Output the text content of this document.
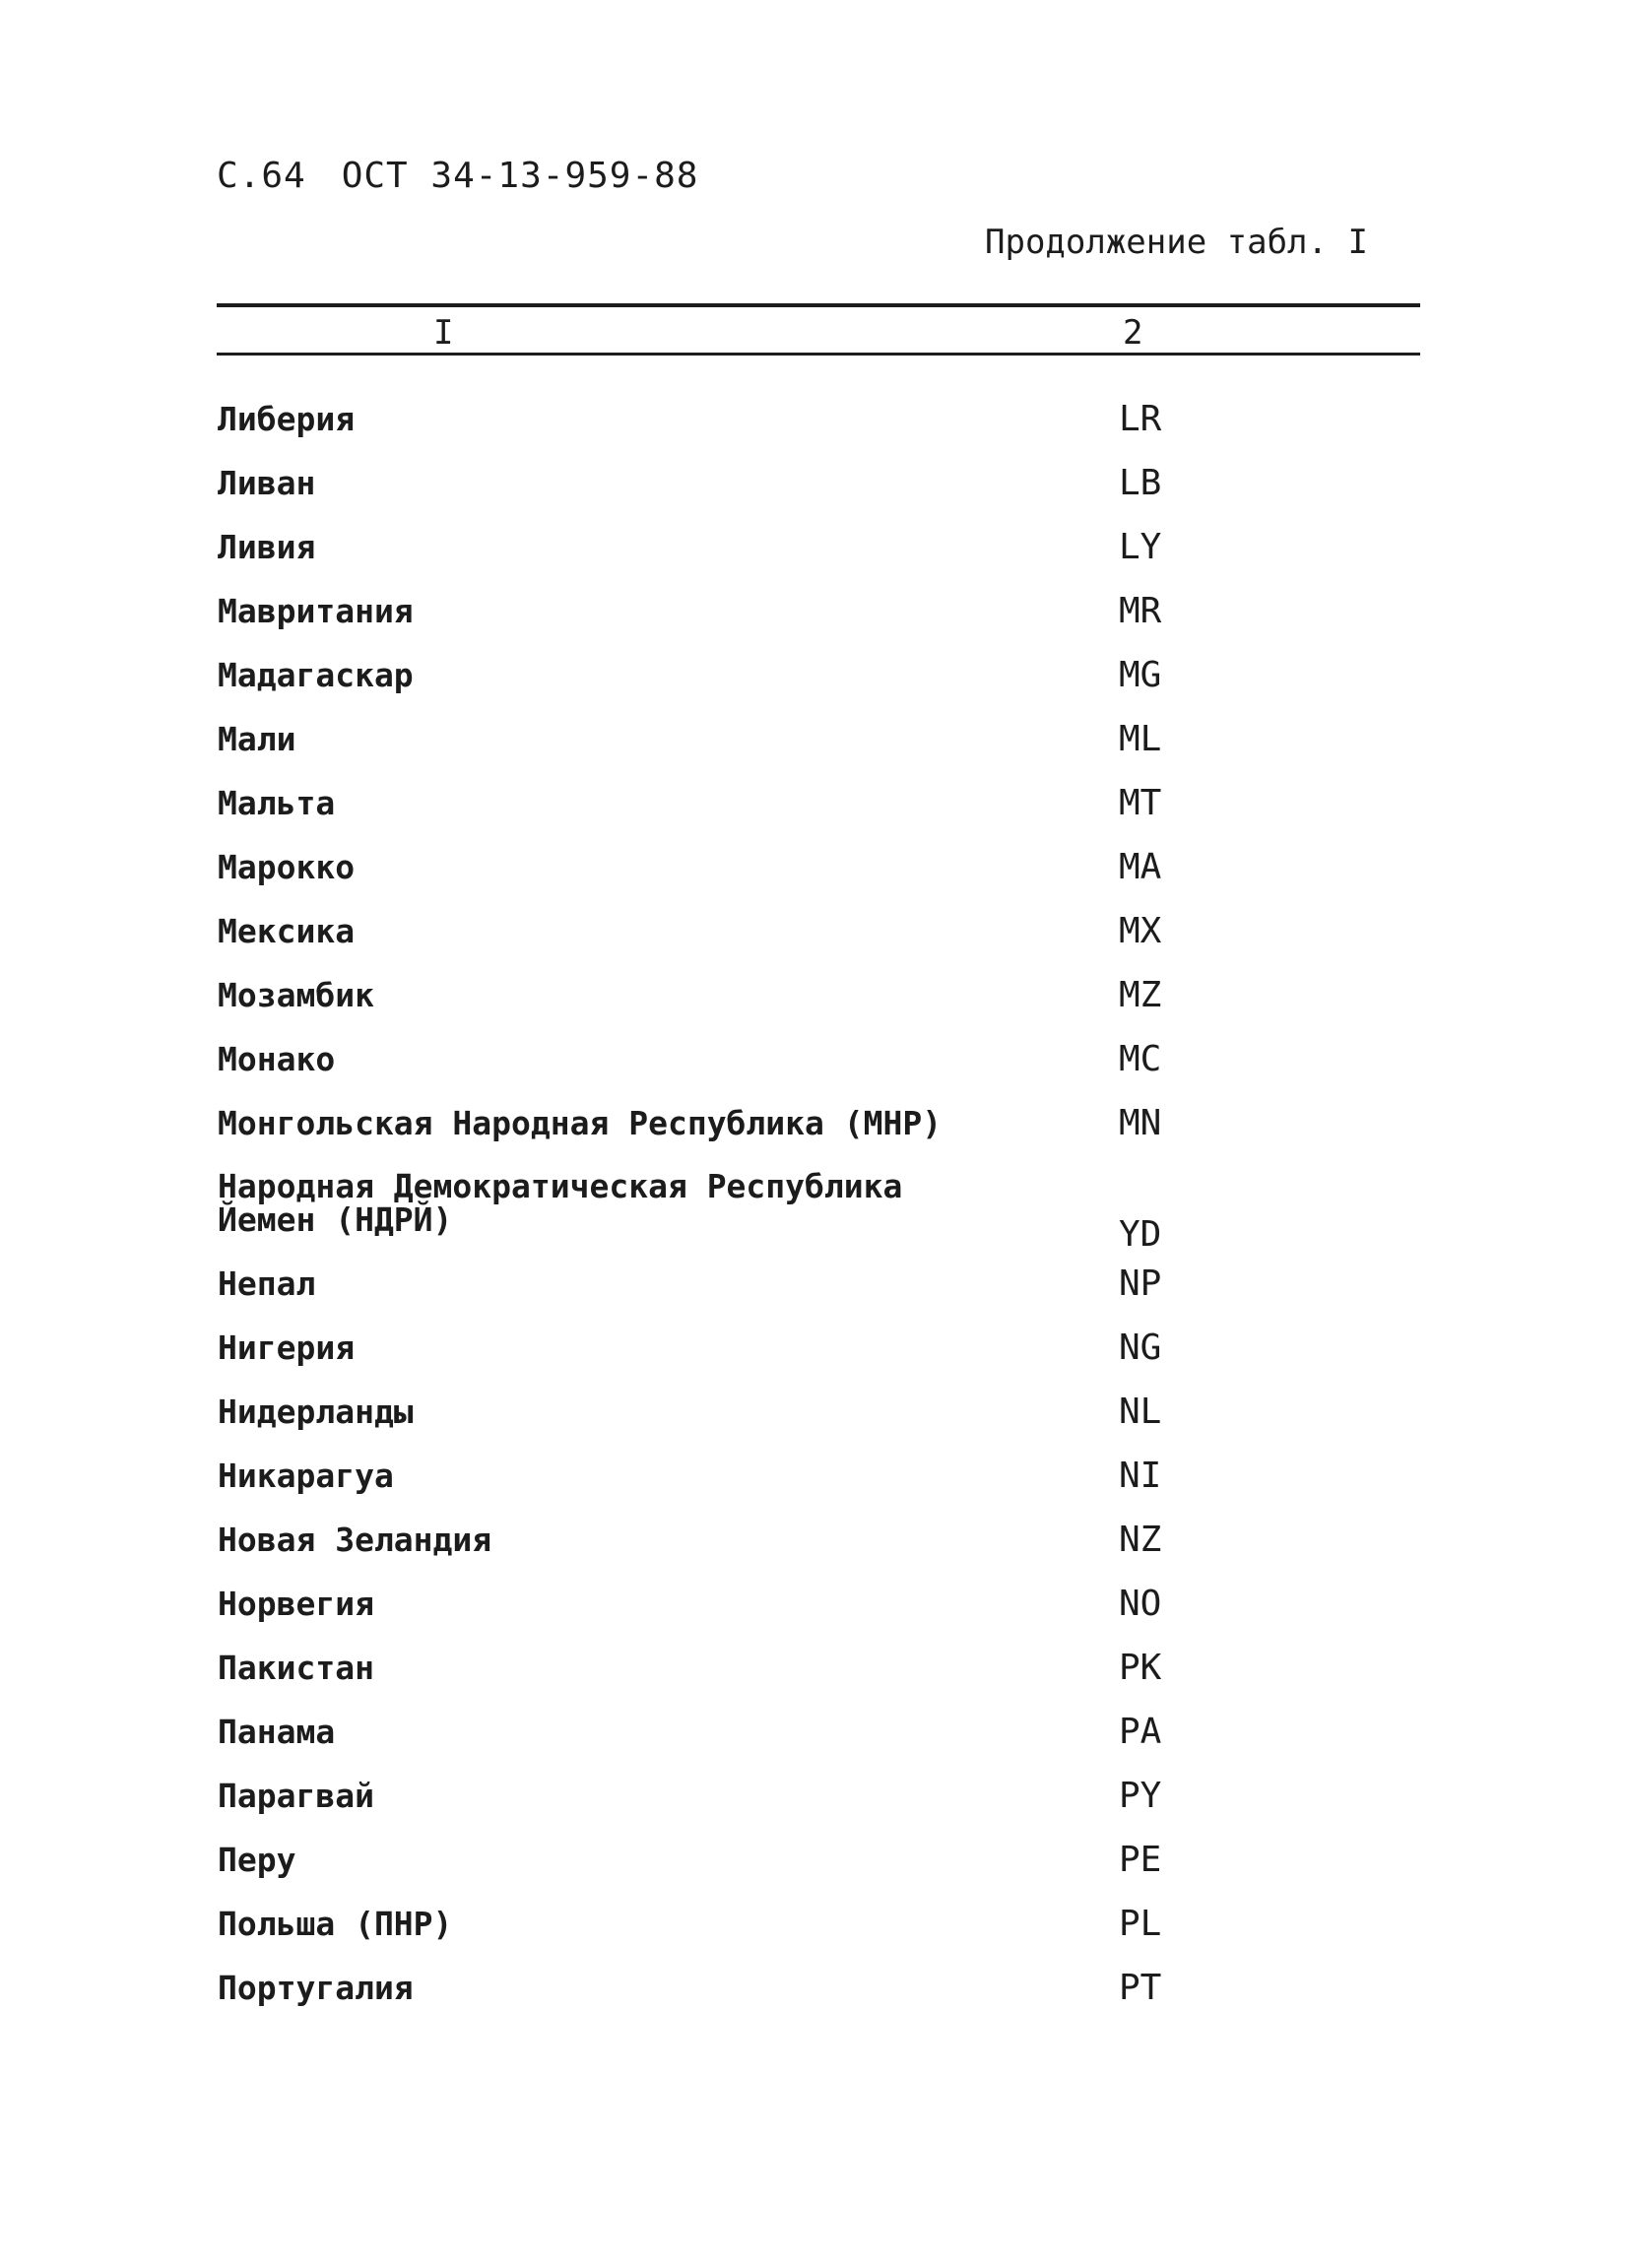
С.64 ОСТ 34-13-959-88
Продолжение табл. I
I	2
Либерия	LR
Ливан	LB
Ливия	LY
Мавритания	MR
Мадагаскар	MG
Мали	ML
Мальта	MT
Марокко	MA
Мексика	MX
Мозамбик	MZ
Монако	MC
Монгольская Народная Республика (МНР)	MN
Народная Демократическая Республика Йемен (НДРЙ)	YD
Непал	NP
Нигерия	NG
Нидерланды	NL
Никарагуа	NI
Новая Зеландия	NZ
Норвегия	NO
Пакистан	PK
Панама	PA
Парагвай	PY
Перу	PE
Польша (ПНР)	PL
Португалия	PT
